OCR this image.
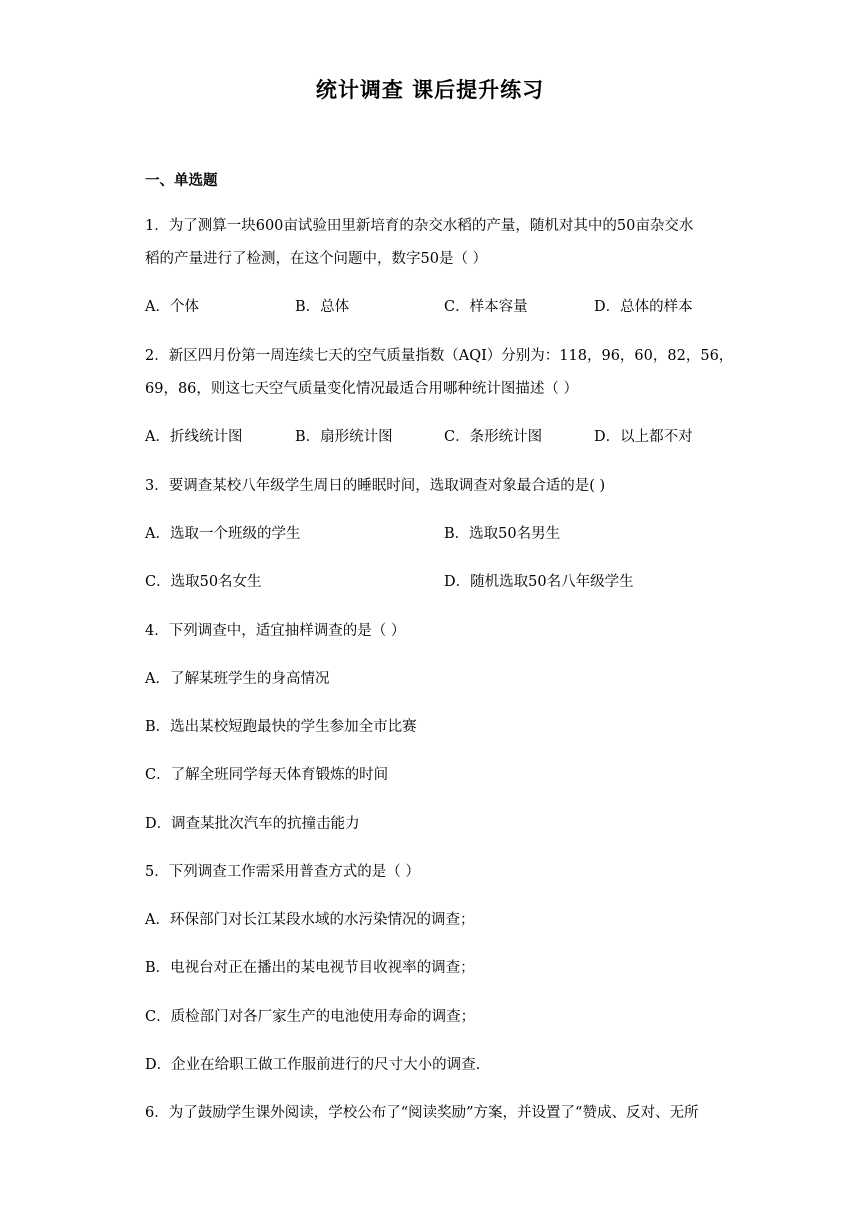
统计调查 课后提升练习
一、单选题
1．为了测算一块600亩试验田里新培育的杂交水稻的产量，随机对其中的50亩杂交水
稻的产量进行了检测，在这个问题中，数字50是（ ）
A．个体	B．总体	C．样本容量	D．总体的样本
2．新区四月份第一周连续七天的空气质量指数（AQI）分别为：118，96，60，82，56，
69，86，则这七天空气质量变化情况最适合用哪种统计图描述（ ）
A．折线统计图	B．扇形统计图	C．条形统计图	D．以上都不对
3．要调查某校八年级学生周日的睡眠时间，选取调查对象最合适的是( )
A．选取一个班级的学生	B．选取50名男生
C．选取50名女生	D．随机选取50名八年级学生
4．下列调查中，适宜抽样调查的是（ ）
A．了解某班学生的身高情况
B．选出某校短跑最快的学生参加全市比赛
C．了解全班同学每天体育锻炼的时间
D．调查某批次汽车的抗撞击能力
5．下列调查工作需采用普查方式的是（ ）
A．环保部门对长江某段水域的水污染情况的调查；
B．电视台对正在播出的某电视节目收视率的调查；
C．质检部门对各厂家生产的电池使用寿命的调查；
D．企业在给职工做工作服前进行的尺寸大小的调查.
6．为了鼓励学生课外阅读，学校公布了“阅读奖励”方案，并设置了“赞成、反对、无所
